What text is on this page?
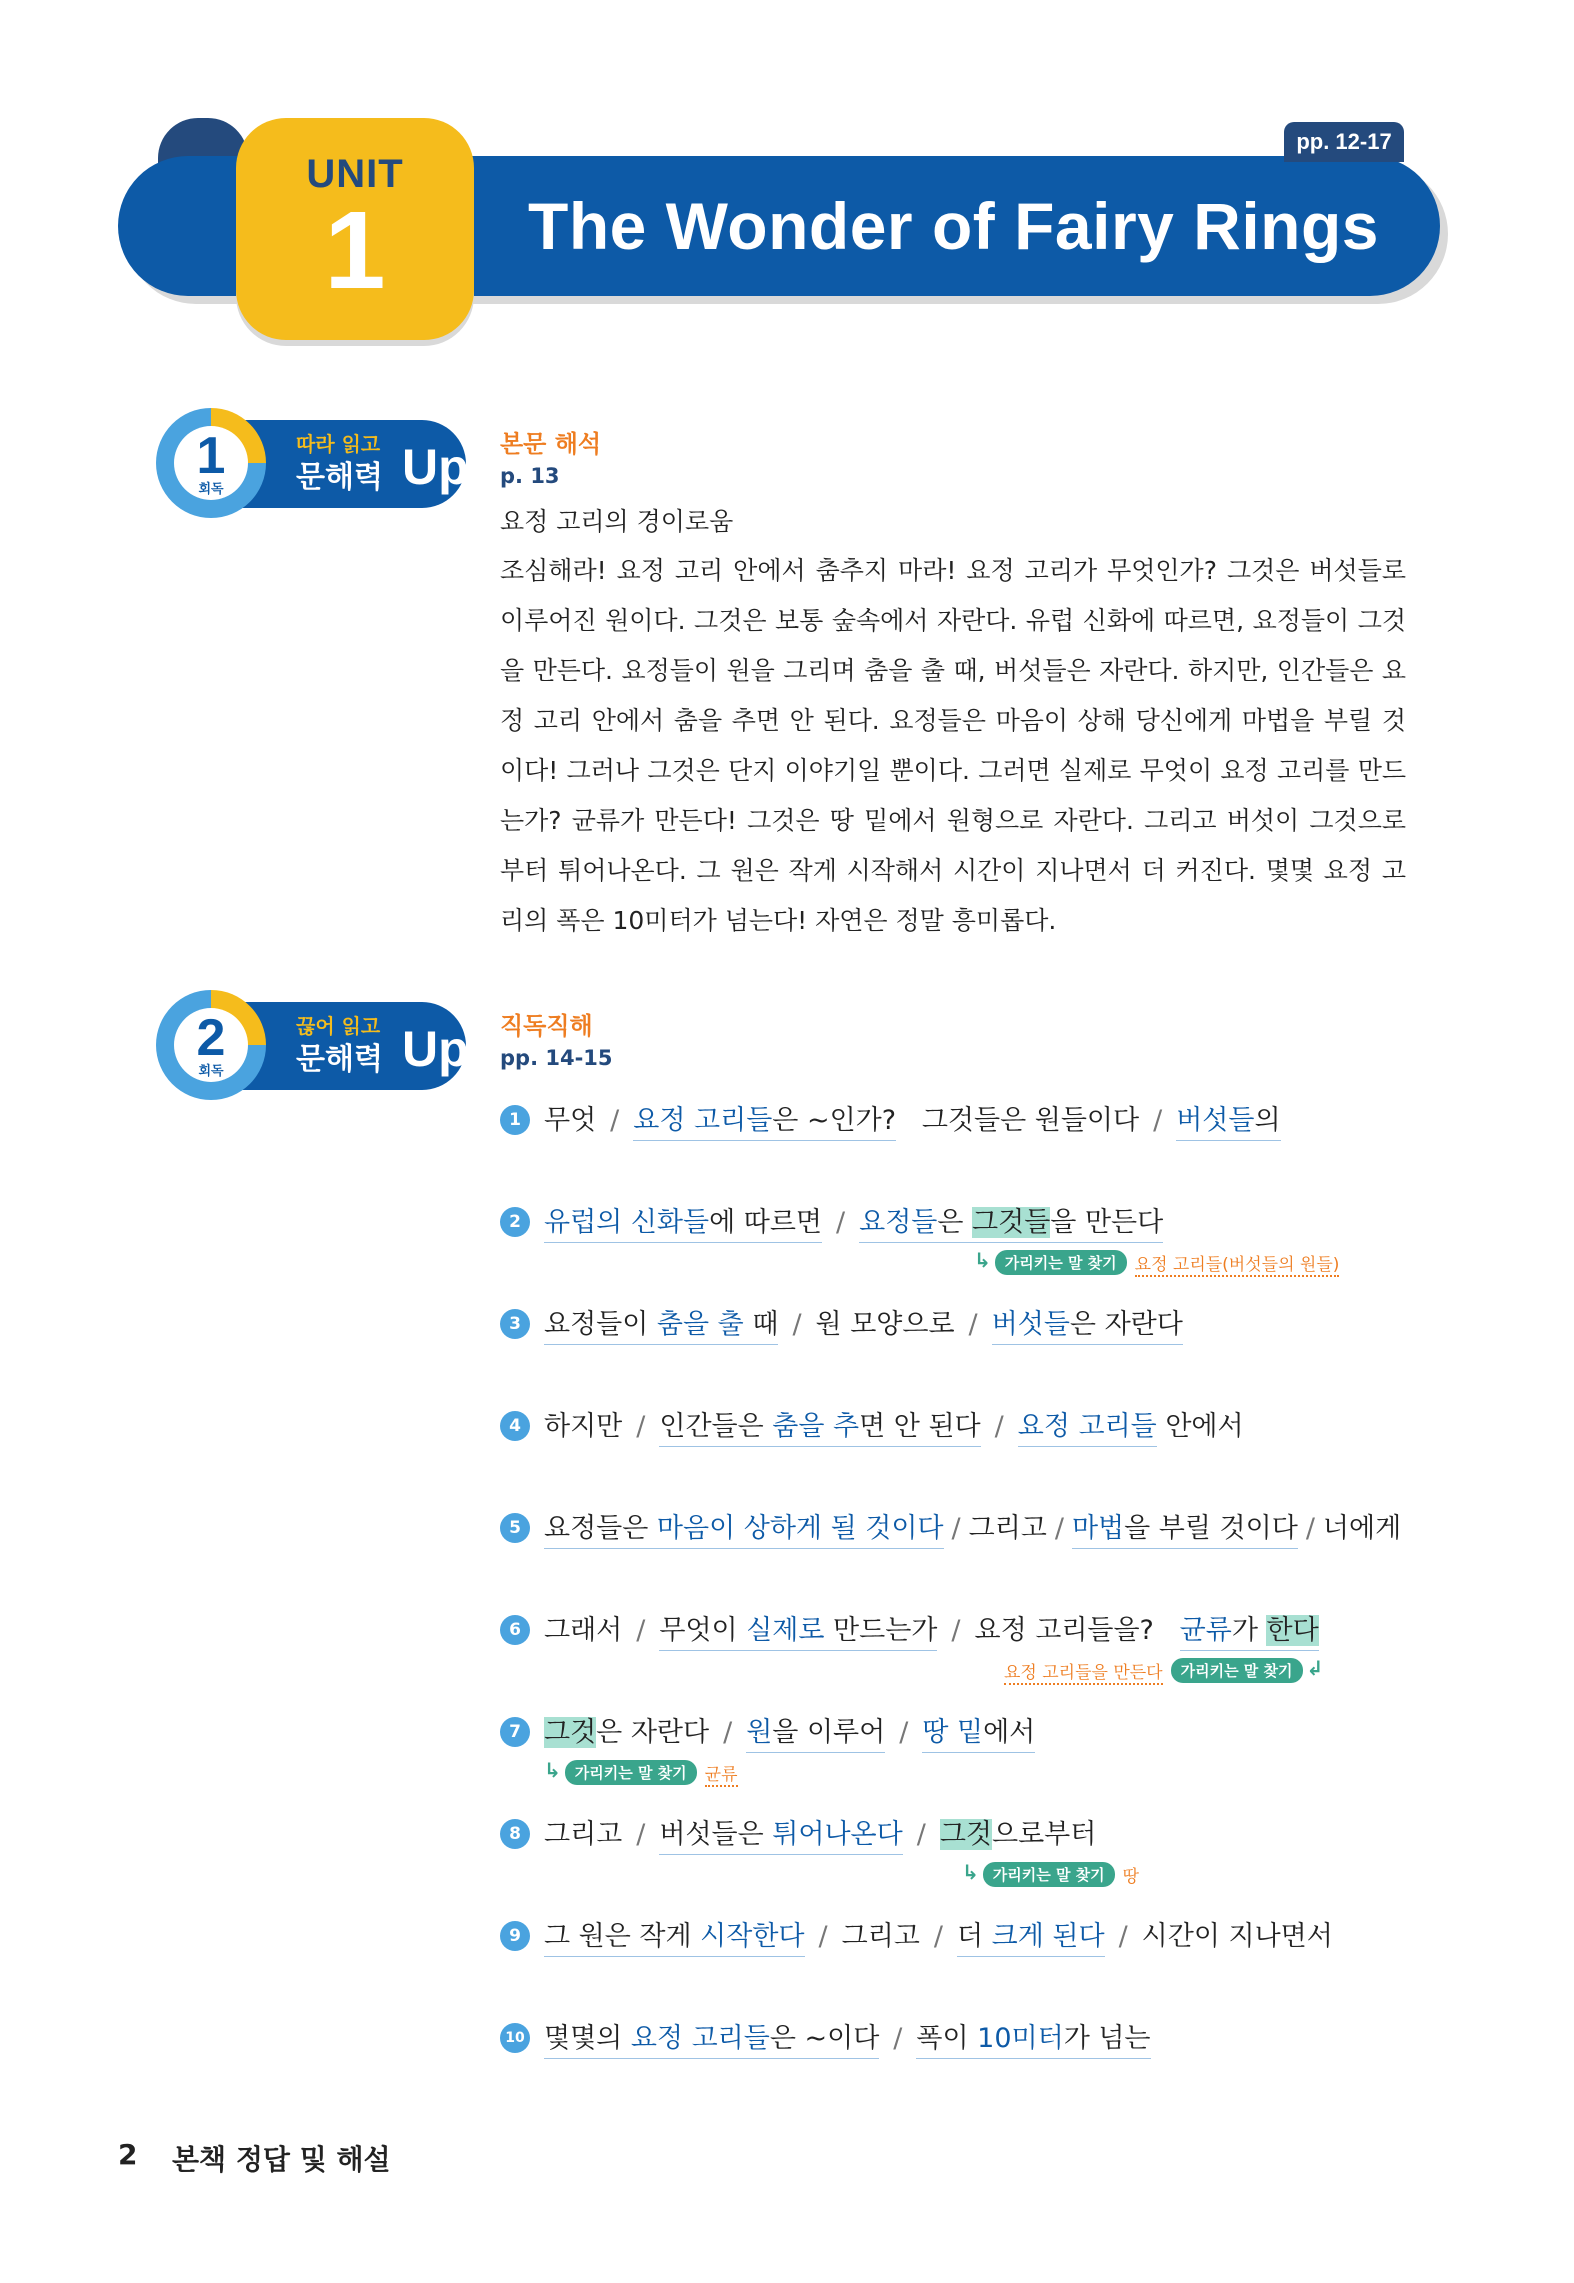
pp. 12-17
UNIT
1	The Wonder of Fairy Rings
1
회독
따라 읽고
문해력 Up 본문 해석
p. 13
요정 고리의 경이로움

조심해라! 요정 고리 안에서 춤추지 마라! 요정 고리가 무엇인가? 그것은 버섯들로 이루어진 원이다. 그것은 보통 숲속에서 자란다. 유럽 신화에 따르면, 요정들이 그것을 만든다. 요정들이 원을 그리며 춤을 출 때, 버섯들은 자란다. 하지만, 인간들은 요정 고리 안에서 춤을 추면 안 된다. 요정들은 마음이 상해 당신에게 마법을 부릴 것이다! 그러나 그것은 단지 이야기일 뿐이다. 그러면 실제로 무엇이 요정 고리를 만드는가? 균류가 만든다! 그것은 땅 밑에서 원형으로 자란다. 그리고 버섯이 그것으로부터 튀어나온다. 그 원은 작게 시작해서 시간이 지나면서 더 커진다. 몇몇 요정 고리의 폭은 10미터가 넘는다! 자연은 정말 흥미롭다.

2
회독
끊어 읽고
문해력 Up 직독직해
pp. 14-15
1 무엇 / 요정 고리들은 ~인가? 그것들은 원들이다 / 버섯들의
2 유럽의 신화들에 따르면 / 요정들은 그것들을 만든다
↳ 가리키는 말 찾기 요정 고리들(버섯들의 원들)
3 요정들이 춤을 출 때 / 원 모양으로 / 버섯들은 자란다
4 하지만 / 인간들은 춤을 추면 안 된다 / 요정 고리들 안에서
5 요정들은 마음이 상하게 될 것이다 / 그리고 / 마법을 부릴 것이다 / 너에게
6 그래서 / 무엇이 실제로 만드는가 / 요정 고리들을? 균류가 한다
요정 고리들을 만든다 가리키는 말 찾기 ↲
7 그것은 자란다 / 원을 이루어 / 땅 밑에서
↳ 가리키는 말 찾기 균류
8 그리고 / 버섯들은 튀어나온다 / 그것으로부터
↳ 가리키는 말 찾기 땅
9 그 원은 작게 시작한다 / 그리고 / 더 크게 된다 / 시간이 지나면서
10 몇몇의 요정 고리들은 ~이다 / 폭이 10미터가 넘는
2 본책 정답 및 해설
